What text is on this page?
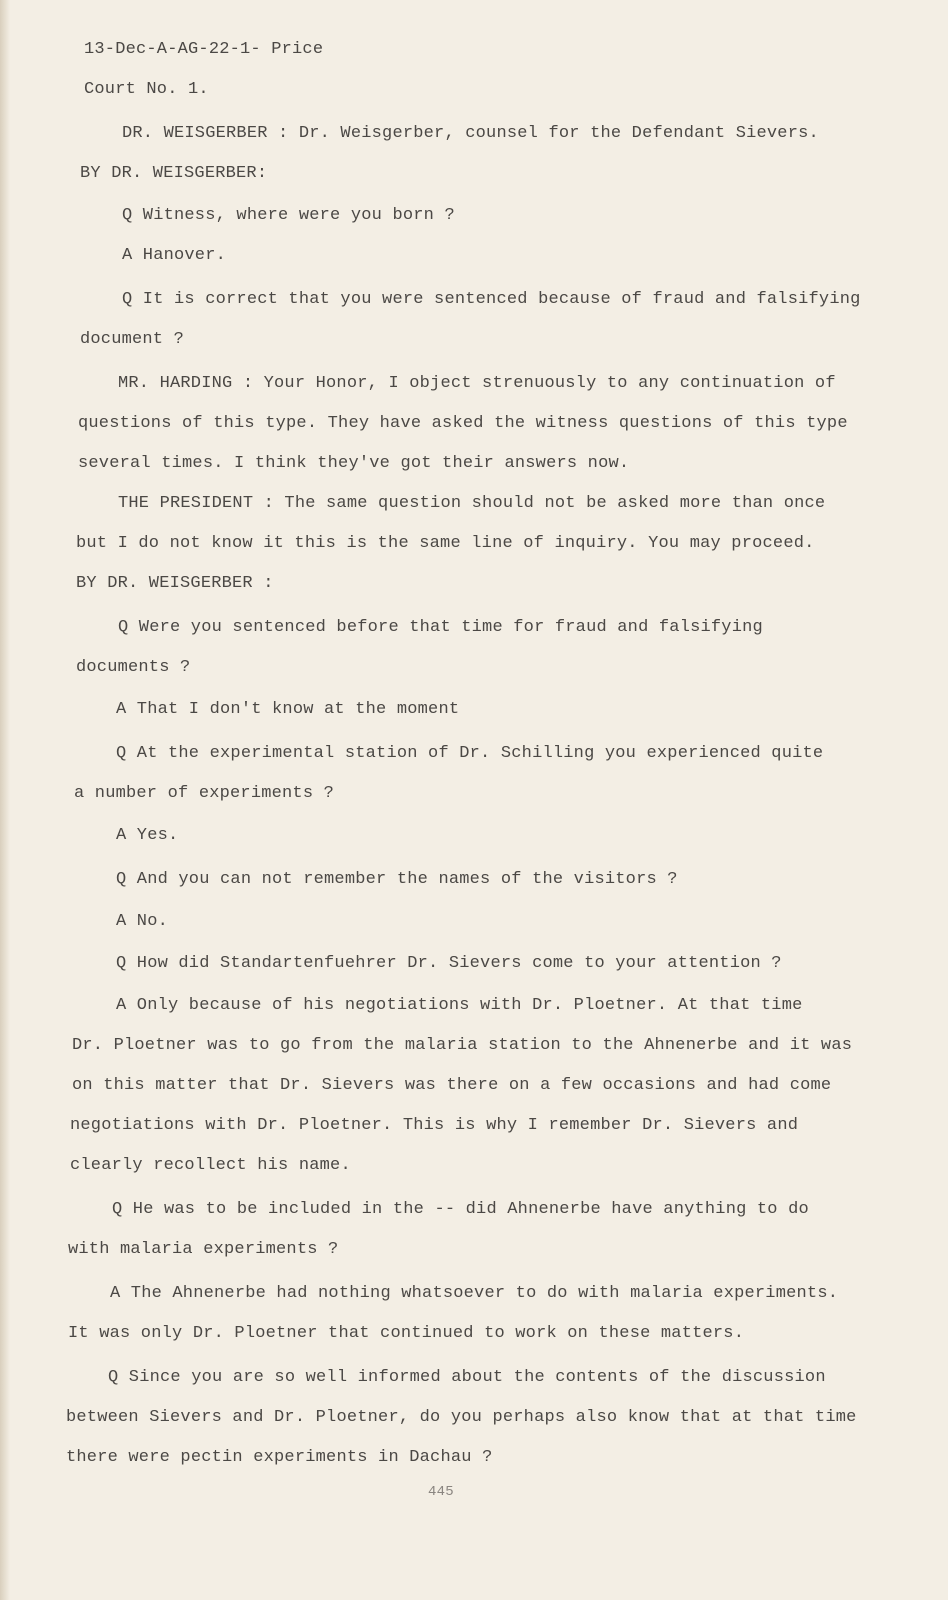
13-Dec-A-AG-22-1- Price
Court No. 1.
DR. WEISGERBER : Dr. Weisgerber, counsel for the Defendant Sievers.
BY DR. WEISGERBER:
Q Witness, where were you born ?
A Hanover.
Q It is correct that you were sentenced because of fraud and falsifying
document ?
MR. HARDING : Your Honor, I object strenuously to any continuation of
questions of this type. They have asked the witness questions of this type
several times. I think they've got their answers now.
THE PRESIDENT : The same question should not be asked more than once
but I do not know it this is the same line of inquiry. You may proceed.
BY DR. WEISGERBER :
Q Were you sentenced before that time for fraud and falsifying
documents ?
A That I don't know at the moment
Q At the experimental station of Dr. Schilling you experienced quite
a number of experiments ?
A Yes.
Q And you can not remember the names of the visitors ?
A No.
Q How did Standartenfuehrer Dr. Sievers come to your attention ?
A Only because of his negotiations with Dr. Ploetner. At that time
Dr. Ploetner was to go from the malaria station to the Ahnenerbe and it was
on this matter that Dr. Sievers was there on a few occasions and had come
negotiations with Dr. Ploetner. This is why I remember Dr. Sievers and
clearly recollect his name.
Q He was to be included in the -- did Ahnenerbe have anything to do
with malaria experiments ?
A The Ahnenerbe had nothing whatsoever to do with malaria experiments.
It was only Dr. Ploetner that continued to work on these matters.
Q Since you are so well informed about the contents of the discussion
between Sievers and Dr. Ploetner, do you perhaps also know that at that time
there were pectin experiments in Dachau ?
445
